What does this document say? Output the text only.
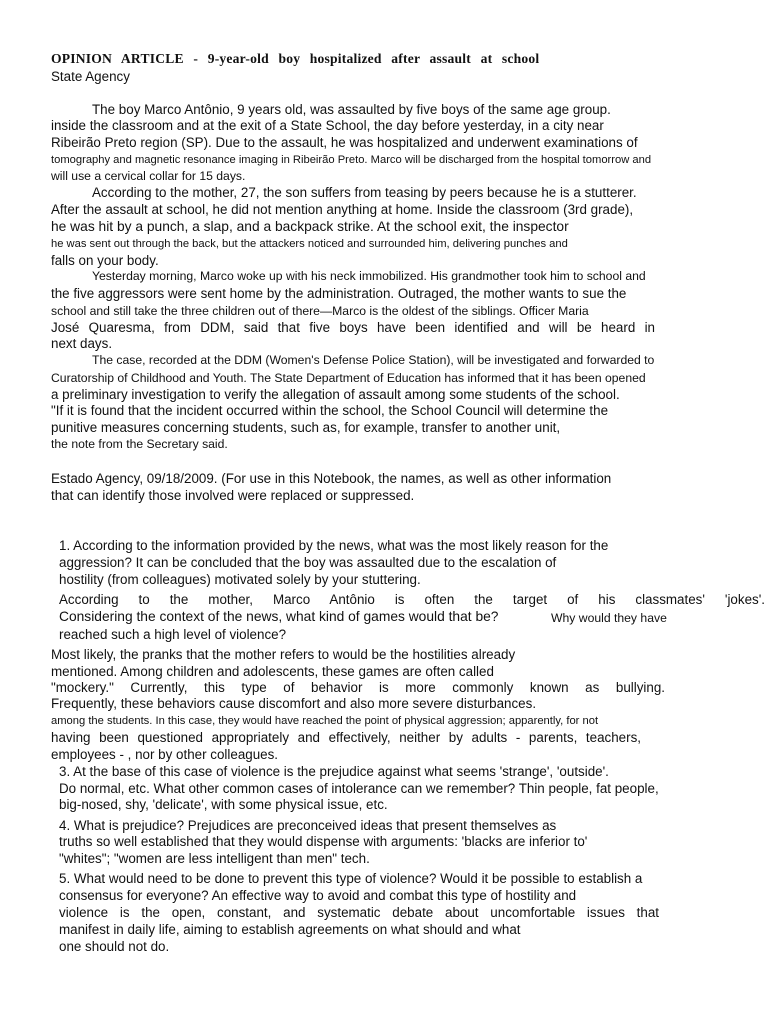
OPINION ARTICLE - 9-year-old boy hospitalized after assault at school
State Agency
The boy Marco Antônio, 9 years old, was assaulted by five boys of the same age group.
inside the classroom and at the exit of a State School, the day before yesterday, in a city near
Ribeirão Preto region (SP). Due to the assault, he was hospitalized and underwent examinations of
tomography and magnetic resonance imaging in Ribeirão Preto. Marco will be discharged from the hospital tomorrow and
will use a cervical collar for 15 days.
According to the mother, 27, the son suffers from teasing by peers because he is a stutterer.
After the assault at school, he did not mention anything at home. Inside the classroom (3rd grade),
he was hit by a punch, a slap, and a backpack strike. At the school exit, the inspector
he was sent out through the back, but the attackers noticed and surrounded him, delivering punches and
falls on your body.
Yesterday morning, Marco woke up with his neck immobilized. His grandmother took him to school and
the five aggressors were sent home by the administration. Outraged, the mother wants to sue the
school and still take the three children out of there—Marco is the oldest of the siblings. Officer Maria
José Quaresma, from DDM, said that five boys have been identified and will be heard in
next days.
The case, recorded at the DDM (Women's Defense Police Station), will be investigated and forwarded to
Curatorship of Childhood and Youth. The State Department of Education has informed that it has been opened
a preliminary investigation to verify the allegation of assault among some students of the school.
"If it is found that the incident occurred within the school, the School Council will determine the
punitive measures concerning students, such as, for example, transfer to another unit,
the note from the Secretary said.
Estado Agency, 09/18/2009. (For use in this Notebook, the names, as well as other information
that can identify those involved were replaced or suppressed.
1. According to the information provided by the news, what was the most likely reason for the
aggression? It can be concluded that the boy was assaulted due to the escalation of
hostility (from colleagues) motivated solely by your stuttering.
According to the mother, Marco Antônio is often the target of his classmates' 'jokes'.
Considering the context of the news, what kind of games would that be?	Why would they have
reached such a high level of violence?
Most likely, the pranks that the mother refers to would be the hostilities already
mentioned. Among children and adolescents, these games are often called
"mockery." Currently, this type of behavior is more commonly known as bullying.
Frequently, these behaviors cause discomfort and also more severe disturbances.
among the students. In this case, they would have reached the point of physical aggression; apparently, for not
having been questioned appropriately and effectively, neither by adults - parents, teachers,
employees - , nor by other colleagues.
3. At the base of this case of violence is the prejudice against what seems 'strange', 'outside'.
Do normal, etc. What other common cases of intolerance can we remember? Thin people, fat people,
big-nosed, shy, 'delicate', with some physical issue, etc.
4. What is prejudice? Prejudices are preconceived ideas that present themselves as
truths so well established that they would dispense with arguments: 'blacks are inferior to'
"whites"; "women are less intelligent than men" tech.
5. What would need to be done to prevent this type of violence? Would it be possible to establish a
consensus for everyone? An effective way to avoid and combat this type of hostility and
violence is the open, constant, and systematic debate about uncomfortable issues that
manifest in daily life, aiming to establish agreements on what should and what
one should not do.
